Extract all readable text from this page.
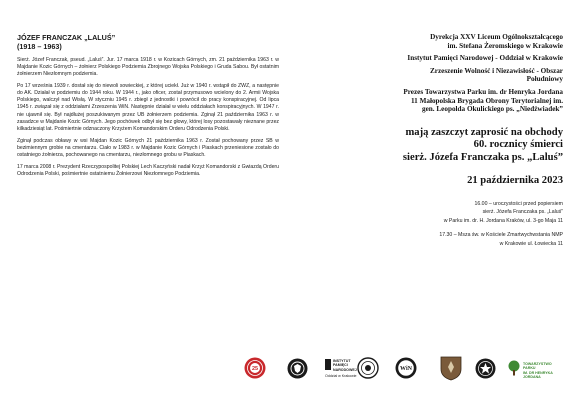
JÓZEF FRANCZAK „LALUŚ”
(1918 – 1963)

Sierż. Józef Franczak, pseud. „Laluś”. Jur. 17 marca 1918 r. w Kozicach Górnych, zm. 21 października 1963 r. w Majdanie Kozic Górnych – żołnierz Polskiego Podziemia Zbrojnego Wojska Polskiego i Gruda Sabou. Był ostatnim żołnierzem Niezłomnym podziemia.

Po 17 września 1939 r. dostał się do niewoli sowieckiej, z której uciekł. Już w 1940 r. wstąpił do ZWZ, a następnie do AK. Działał w podziemiu do 1944 roku. W 1944 r., jako oficer, został przymusowo wcielony do 2. Armii Wojska Polskiego, walczył nad Wisłą. W styczniu 1945 r. zbiegł z jednostki i powrócił do pracy konspiracyjnej. Od lipca 1945 r. związał się z oddziałami Zrzeszenia WiN. Następnie działał w wielu oddziałach konspiracyjnych. W 1947 r. nie ujawnił się. Był najdłużej poszukiwanym przez UB żołnierzem podziemia. Zginął 21 października 1963 r. w zasadzce w Majdanie Kozic Górnych. Jego pochówek odbył się bez głowy, której losy pozostawały nieznane przez kilkadziesiąt lat. Pośmiertnie odznaczony Krzyżem Komandorskim Orderu Odrodzenia Polski.

Zginął podczas obławy w wsi Majdan Kozic Górnych 21 października 1963 r. Został pochowany przez SB w bezimiennym grobie na cmentarzu. Ciało w 1983 r. w Majdanie Kozic Górnych i Piaskach przeniesione zostało do ostatniego żołnierza, pochowanego na cmentarzu, niezłomnego grobu w Piaskach.

17 marca 2008 r. Prezydent Rzeczypospolitej Polskiej Lech Kaczyński nadał Krzyż Komandorski z Gwiazdą Orderu Odrodzenia Polski, pośmiertnie ostatniemu Żołnierzowi Niezłomnego Podziemia.

Dyrekcja XXV Liceum Ogólnokształcącego
im. Stefana Żeromskiego w Krakowie
Instytut Pamięci Narodowej - Oddział w Krakowie
Zrzeszenie Wolność i Niezawisłość - Obszar
Południowy
Prezes Towarzystwa Parku im. dr Henryka Jordana
11 Małopolska Brygada Obrony Terytorialnej im.
gen. Leopolda Okulickiego ps. „Niedźwiadek”
mają zaszczyt zaprosić na obchody
60. rocznicy śmierci
sierż. Józefa Franczaka ps. „Laluś”
21 października 2023

16.00 – uroczystości przed popiersiem

sierż. Józefa Franczaka ps. „Laluś”

w Parku im. dr. H. Jordana Kraków, ul. 3-go Maja 11

17.30 – Msza św. w Kościele Zmartwychwstania NMP

w Krakowie ul. Łowiecka 11

25
INSTYTUT PAMIĘCI
NARODOWEJ
Oddział w Krakowie
WiN
TOWARZYSTWO PARKU
IM. DR HENRYKA JORDANA
